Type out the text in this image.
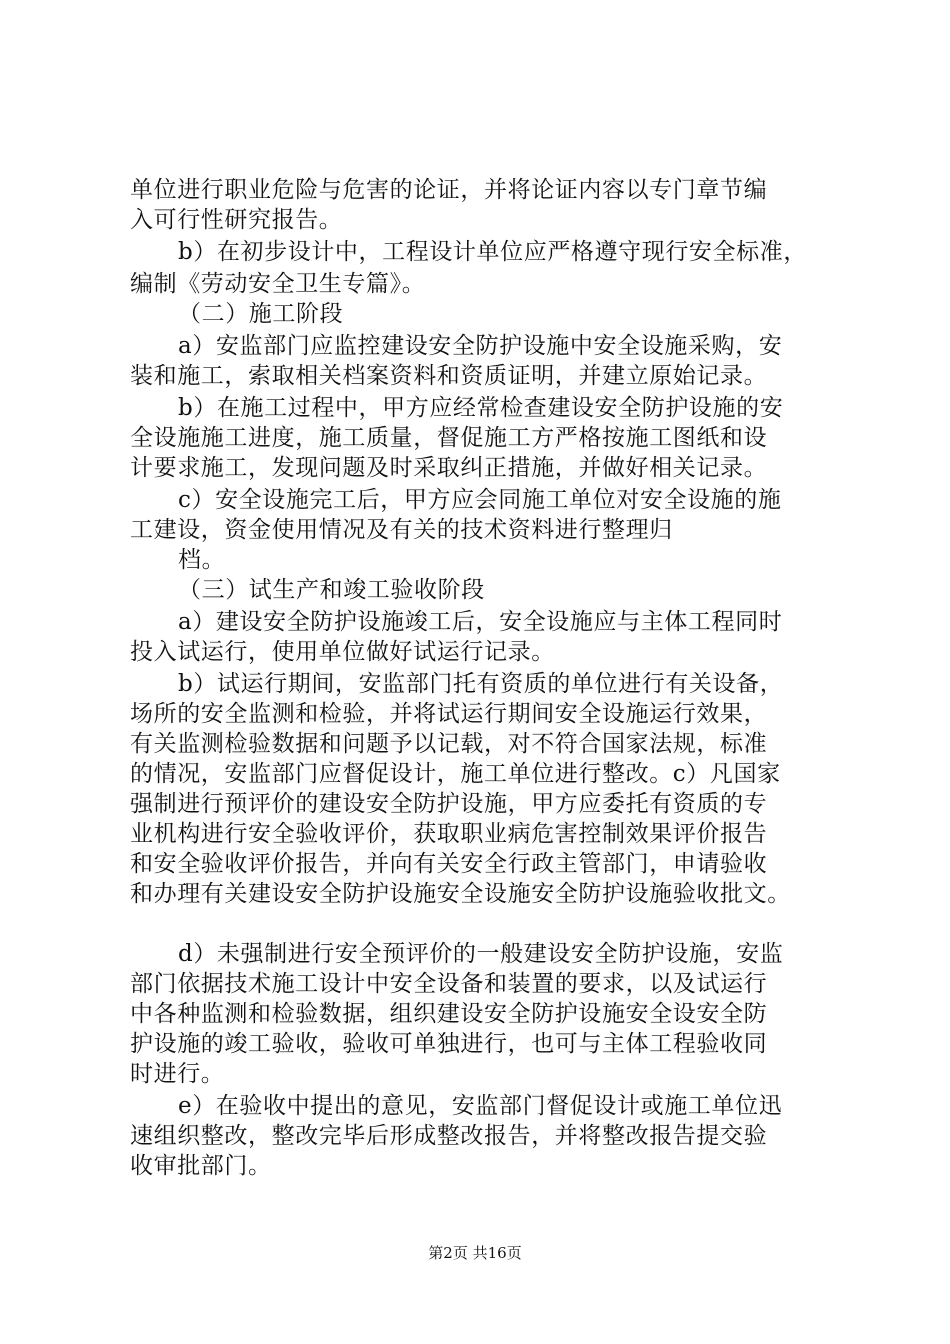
单位进行职业危险与危害的论证，并将论证内容以专门章节编
入可行性研究报告。
b）在初步设计中，工程设计单位应严格遵守现行安全标准，
编制《劳动安全卫生专篇》。
（二）施工阶段
a）安监部门应监控建设安全防护设施中安全设施采购，安
装和施工，索取相关档案资料和资质证明，并建立原始记录。
b）在施工过程中，甲方应经常检查建设安全防护设施的安
全设施施工进度，施工质量，督促施工方严格按施工图纸和设
计要求施工，发现问题及时采取纠正措施，并做好相关记录。
c）安全设施完工后，甲方应会同施工单位对安全设施的施
工建设，资金使用情况及有关的技术资料进行整理归
档。
（三）试生产和竣工验收阶段
a）建设安全防护设施竣工后，安全设施应与主体工程同时
投入试运行，使用单位做好试运行记录。
b）试运行期间，安监部门托有资质的单位进行有关设备，
场所的安全监测和检验，并将试运行期间安全设施运行效果，
有关监测检验数据和问题予以记载，对不符合国家法规，标准
的情况，安监部门应督促设计，施工单位进行整改。c）凡国家
强制进行预评价的建设安全防护设施，甲方应委托有资质的专
业机构进行安全验收评价，获取职业病危害控制效果评价报告
和安全验收评价报告，并向有关安全行政主管部门，申请验收
和办理有关建设安全防护设施安全设施安全防护设施验收批文。
d）未强制进行安全预评价的一般建设安全防护设施，安监
部门依据技术施工设计中安全设备和装置的要求，以及试运行
中各种监测和检验数据，组织建设安全防护设施安全设安全防
护设施的竣工验收，验收可单独进行，也可与主体工程验收同
时进行。
e）在验收中提出的意见，安监部门督促设计或施工单位迅
速组织整改，整改完毕后形成整改报告，并将整改报告提交验
收审批部门。
第2页 共16页
